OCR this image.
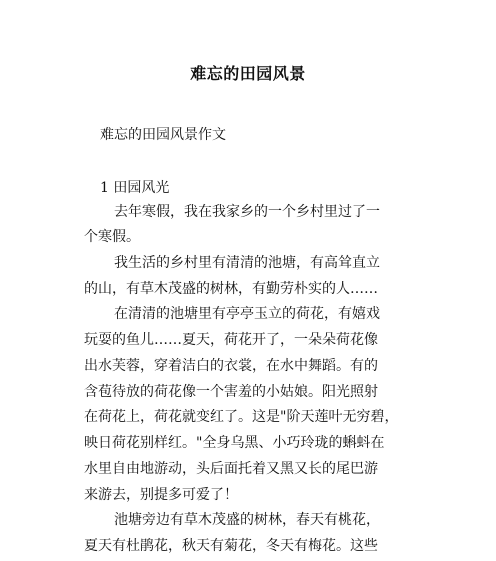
难忘的田园风景
难忘的田园风景作文
1 田园风光
去年寒假，我在我家乡的一个乡村里过了一
个寒假。
我生活的乡村里有清清的池塘，有高耸直立
的山，有草木茂盛的树林，有勤劳朴实的人……
在清清的池塘里有亭亭玉立的荷花，有嬉戏
玩耍的鱼儿……夏天，荷花开了，一朵朵荷花像
出水芙蓉，穿着洁白的衣裳，在水中舞蹈。有的
含苞待放的荷花像一个害羞的小姑娘。阳光照射
在荷花上，荷花就变红了。这是"阶天莲叶无穷碧，
映日荷花别样红。"全身乌黑、小巧玲珑的蝌蚪在
水里自由地游动，头后面托着又黑又长的尾巴游
来游去，别提多可爱了！
池塘旁边有草木茂盛的树林，春天有桃花，
夏天有杜鹃花，秋天有菊花，冬天有梅花。这些
